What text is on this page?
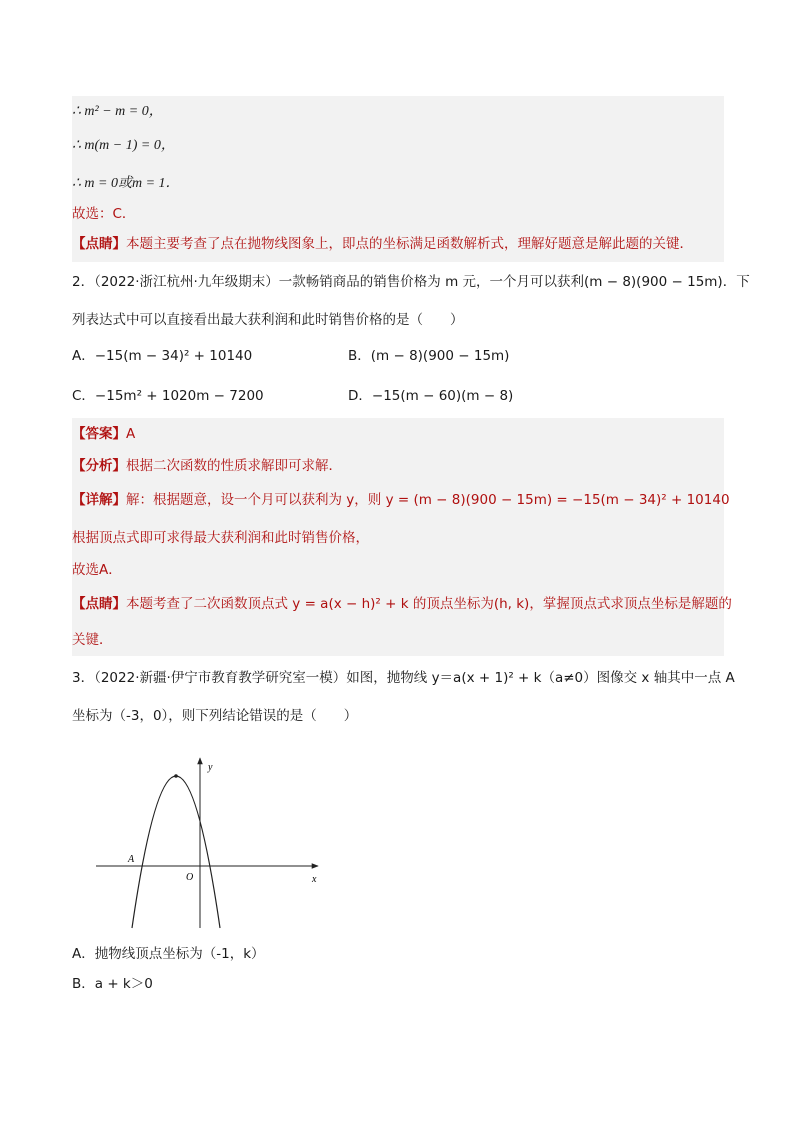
∴ m² − m = 0，
∴ m(m − 1) = 0，
∴ m = 0或m = 1．
故选：C．
【点睛】本题主要考查了点在抛物线图象上，即点的坐标满足函数解析式，理解好题意是解此题的关键．
2．（2022·浙江杭州·九年级期末）一款畅销商品的销售价格为 m 元，一个月可以获利(m − 8)(900 − 15m)．下
列表达式中可以直接看出最大获利润和此时销售价格的是（　　）
A．−15(m − 34)² + 10140	B．(m − 8)(900 − 15m)
C．−15m² + 1020m − 7200	D．−15(m − 60)(m − 8)
【答案】A
【分析】根据二次函数的性质求解即可求解．
【详解】解：根据题意，设一个月可以获利为 y，则 y = (m − 8)(900 − 15m) = −15(m − 34)² + 10140
根据顶点式即可求得最大获利润和此时销售价格，
故选A．
【点睛】本题考查了二次函数顶点式 y = a(x − h)² + k 的顶点坐标为(h, k)，掌握顶点式求顶点坐标是解题的
关键．
3．（2022·新疆·伊宁市教育教学研究室一模）如图，抛物线 y＝a(x + 1)² + k（a≠0）图像交 x 轴其中一点 A
坐标为（-3，0），则下列结论错误的是（　　）
y
x
O
A
A．抛物线顶点坐标为（-1，k）
B．a + k＞0
